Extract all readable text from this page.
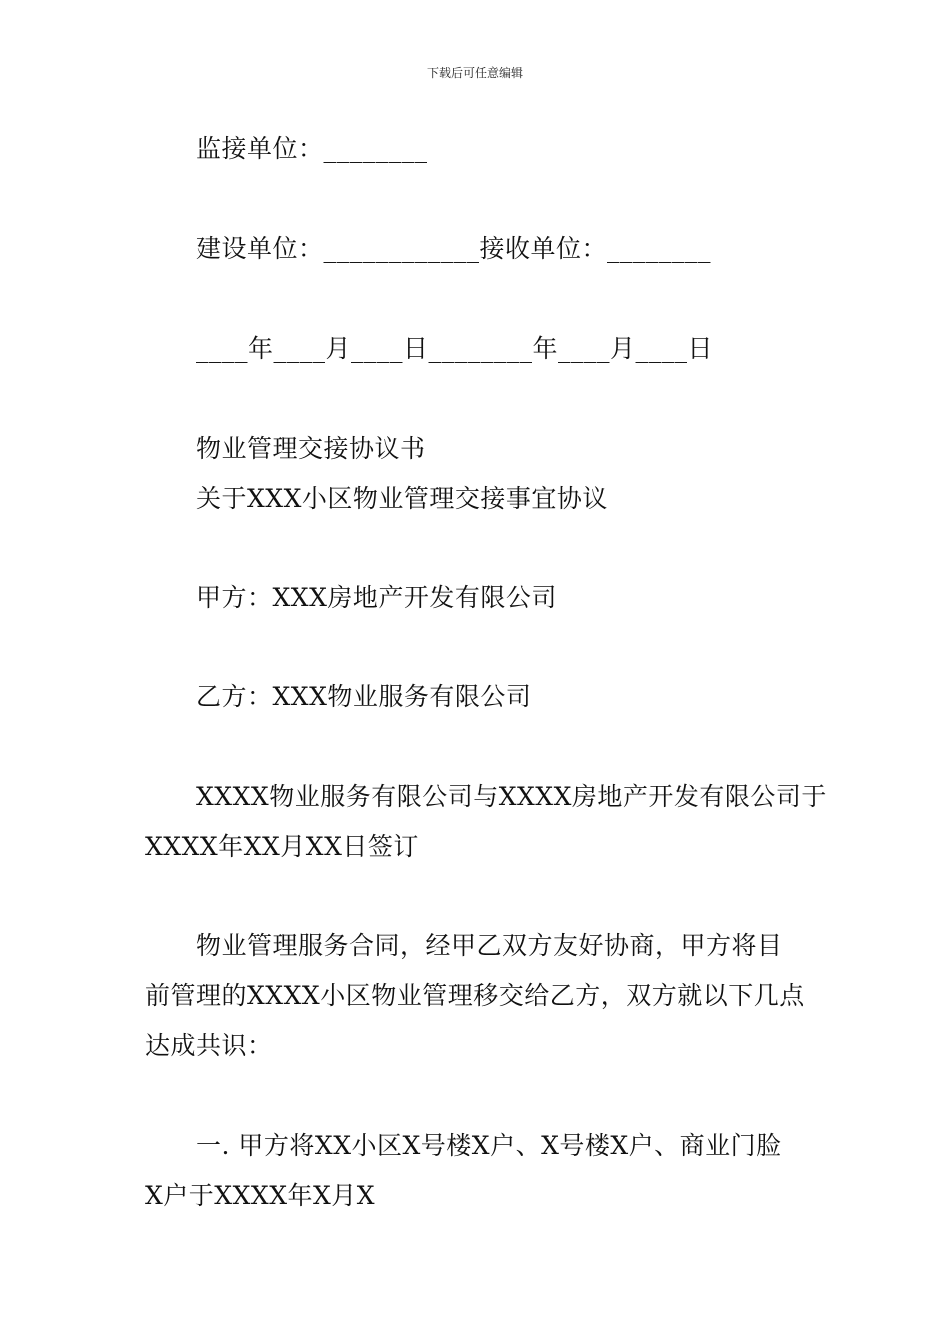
下载后可任意编辑
监接单位：________
建设单位：____________接收单位：________
____年____月____日________年____月____日
物业管理交接协议书
关于XXX小区物业管理交接事宜协议
甲方：XXX房地产开发有限公司
乙方：XXX物业服务有限公司
XXXX物业服务有限公司与XXXX房地产开发有限公司于
XXXX年XX月XX日签订
物业管理服务合同，经甲乙双方友好协商，甲方将目
前管理的XXXX小区物业管理移交给乙方，双方就以下几点
达成共识：
一. 甲方将XX小区X号楼X户、X号楼X户、商业门脸
X户于XXXX年X月X
